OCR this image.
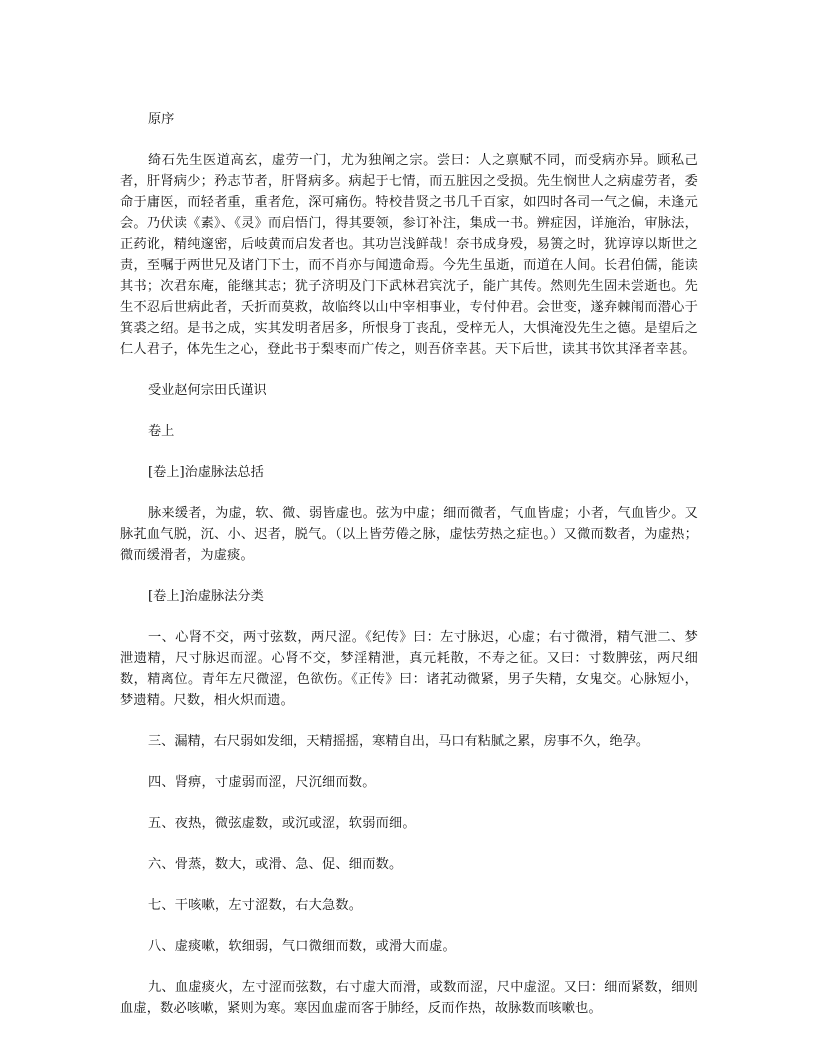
原序

绮石先生医道高玄，虚劳一门，尤为独阐之宗。尝曰：人之禀赋不同，而受病亦异。顾私己者，肝肾病少；矜志节者，肝肾病多。病起于七情，而五脏因之受损。先生悯世人之病虚劳者，委命于庸医，而轻者重，重者危，深可痛伤。特校昔贤之书几千百家，如四时各司一气之偏，未逢元会。乃伏读《素》、《灵》而启悟门，得其要领，参订补注，集成一书。辨症因，详施治，审脉法，正药讹，精纯邃密，后岐黄而启发者也。其功岂浅鲜哉！奈书成身殁，易箦之时，犹谆谆以斯世之责，至嘱于两世兄及诸门下士，而不肖亦与闻遗命焉。今先生虽逝，而道在人间。长君伯儒，能读其书；次君东庵，能继其志；犹子济明及门下武林君宾沈子，能广其传。然则先生固未尝逝也。先生不忍后世病此者，夭折而莫救，故临终以山中宰相事业，专付仲君。会世变，遂弃棘闱而潜心于箕裘之绍。是书之成，实其发明者居多，所恨身丁丧乱，受梓无人，大惧淹没先生之德。是望后之仁人君子，体先生之心，登此书于梨枣而广传之，则吾侪幸甚。天下后世，读其书饮其泽者幸甚。

受业赵何宗田氏谨识

卷上

[卷上]治虚脉法总括

脉来缓者，为虚，软、微、弱皆虚也。弦为中虚；细而微者，气血皆虚；小者，气血皆少。又脉芤血气脱，沉、小、迟者，脱气。（以上皆劳倦之脉，虚怯劳热之症也。）又微而数者，为虚热；微而缓滑者，为虚痰。

[卷上]治虚脉法分类

一、心肾不交，两寸弦数，两尺涩。《纪传》曰：左寸脉迟，心虚；右寸微滑，精气泄二、梦泄遗精，尺寸脉迟而涩。心肾不交，梦淫精泄，真元耗散，不寿之征。又曰：寸数脾弦，两尺细数，精离位。青年左尺微涩，色欲伤。《正传》曰：诸芤动微紧，男子失精，女鬼交。心脉短小，梦遗精。尺数，相火炽而遗。

三、漏精，右尺弱如发细，天精摇摇，寒精自出，马口有粘腻之累，房事不久，绝孕。

四、肾痹，寸虚弱而涩，尺沉细而数。

五、夜热，微弦虚数，或沉或涩，软弱而细。

六、骨蒸，数大，或滑、急、促、细而数。

七、干咳嗽，左寸涩数，右大急数。

八、虚痰嗽，软细弱，气口微细而数，或滑大而虚。

九、血虚痰火，左寸涩而弦数，右寸虚大而滑，或数而涩，尺中虚涩。又曰：细而紧数，细则血虚，数必咳嗽，紧则为寒。寒因血虚而客于肺经，反而作热，故脉数而咳嗽也。
